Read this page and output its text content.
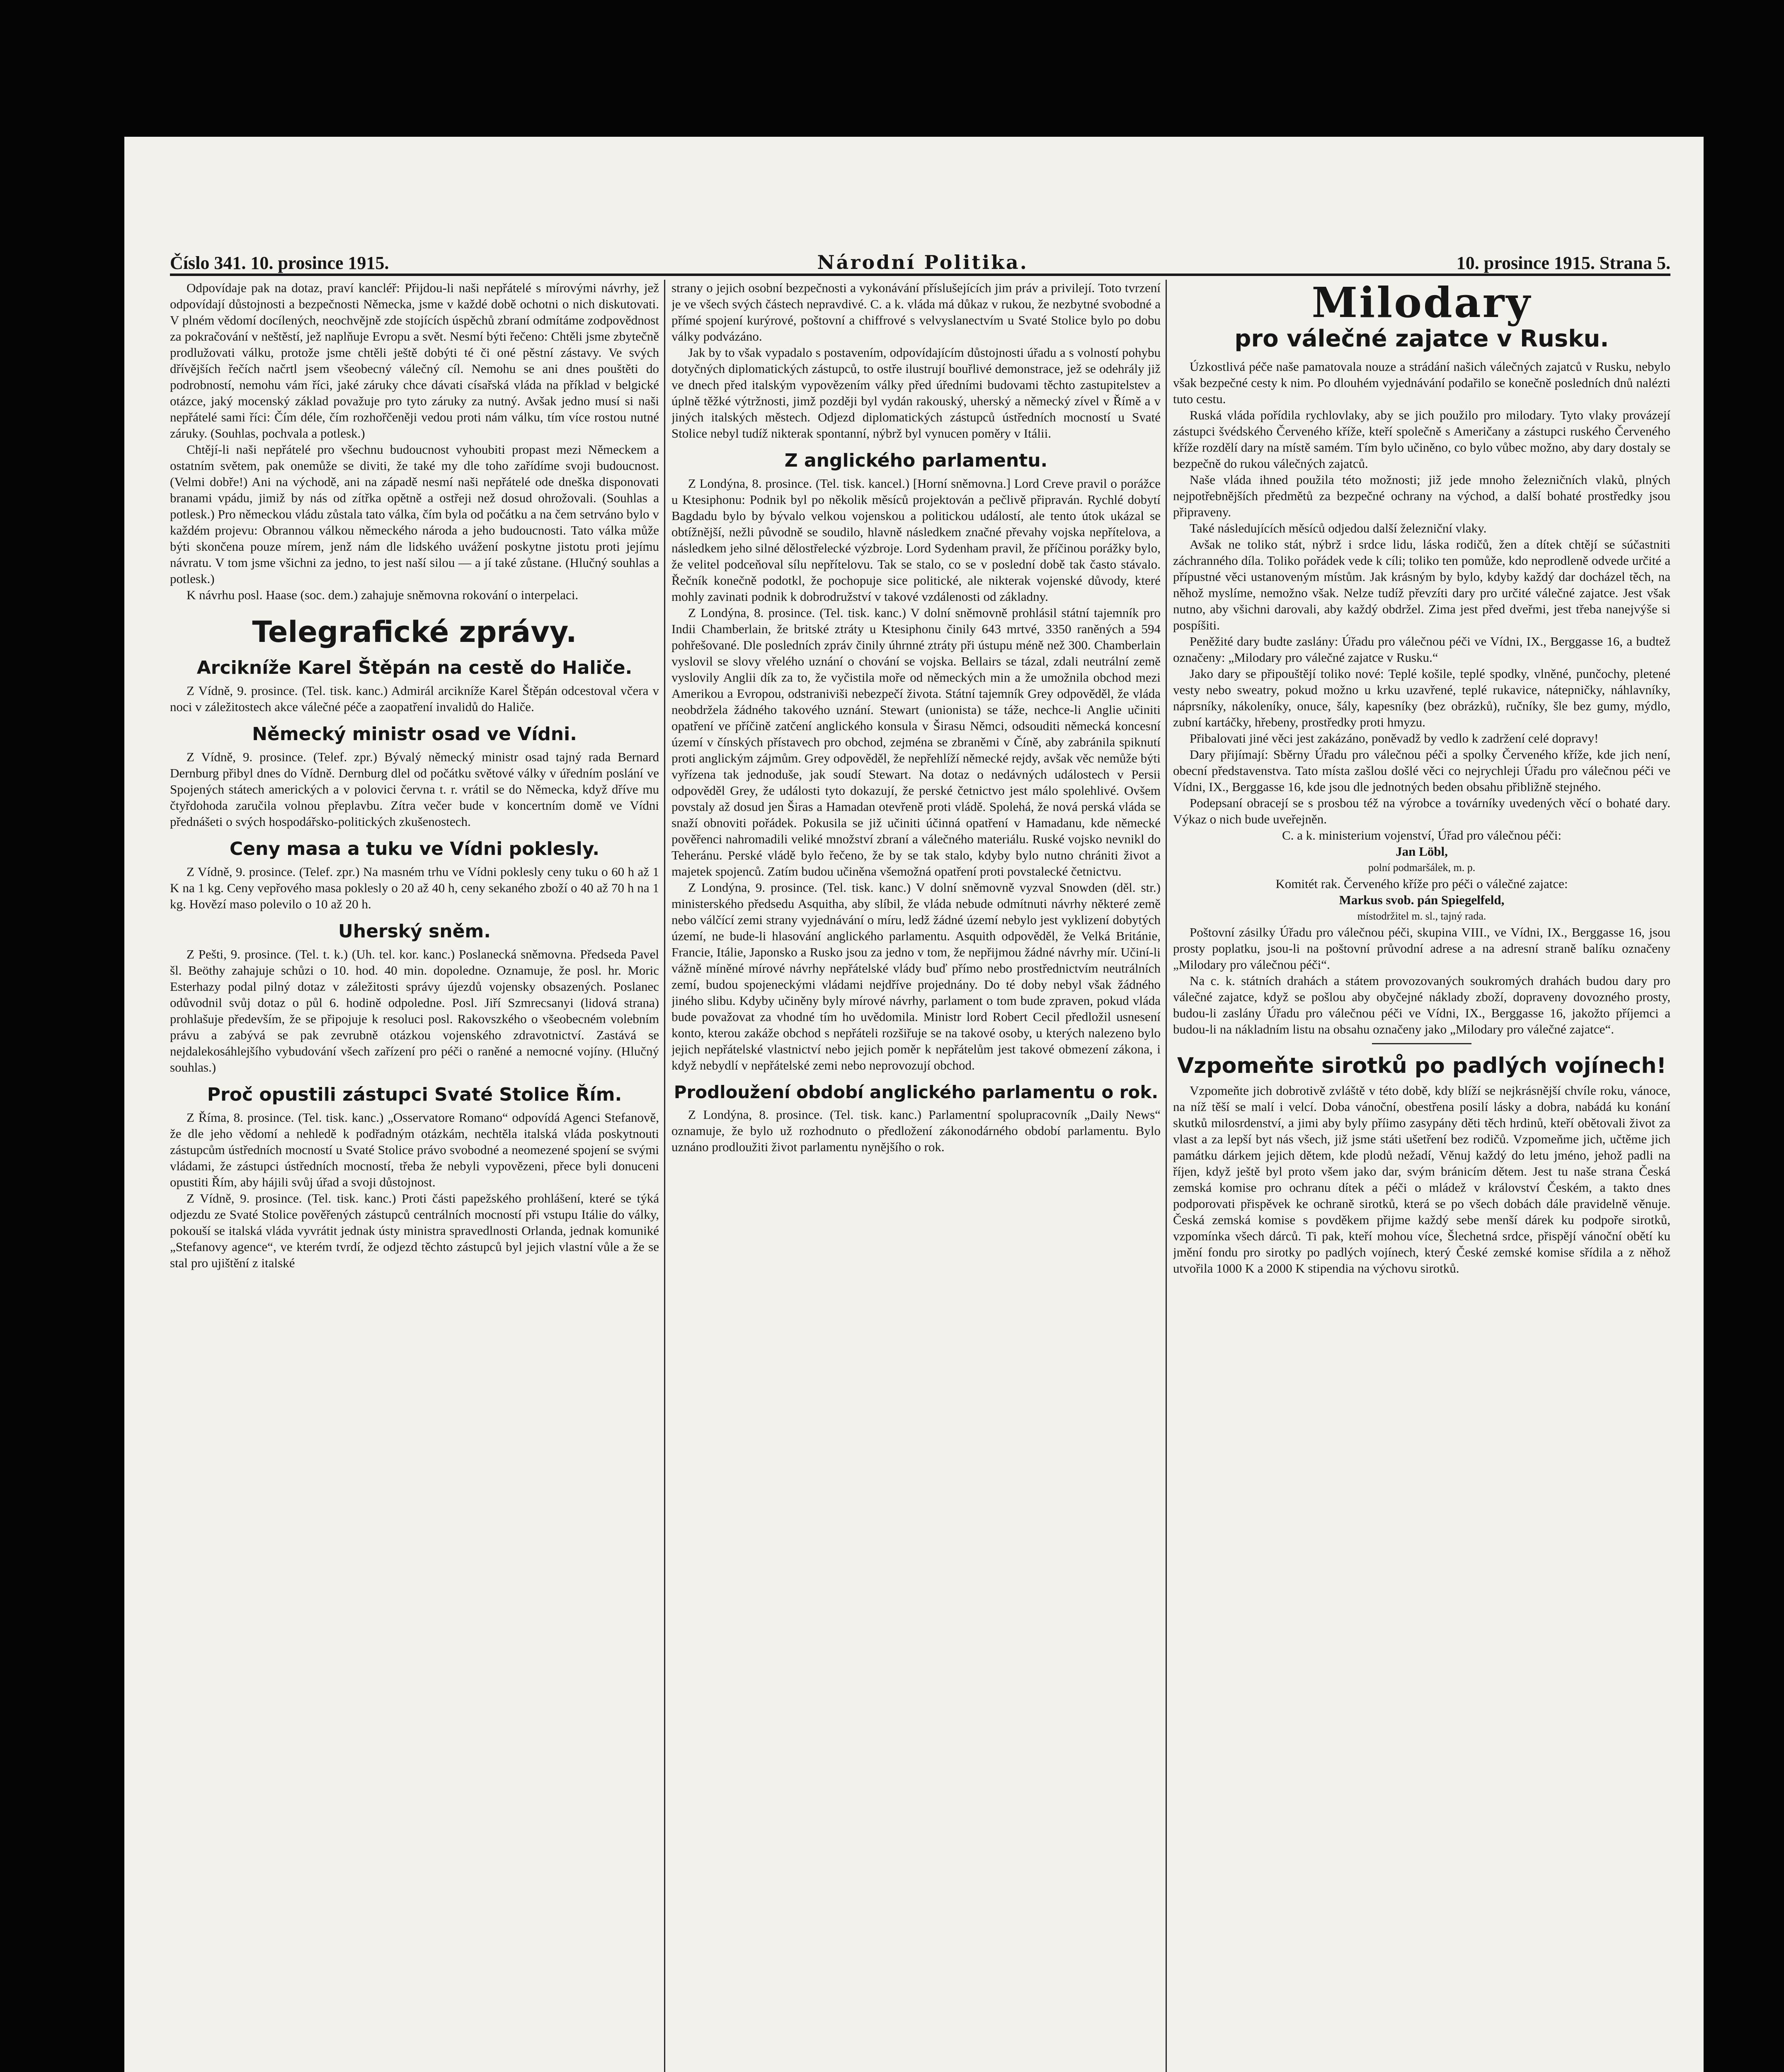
Číslo 341. 10. prosince 1915.	Národní Politika.	10. prosince 1915. Strana 5.

Odpovídaje pak na dotaz, praví kancléř: Přijdou-li naši nepřátelé s mírovými návrhy, jež odpovídají důstojnosti a bezpečnosti Německa, jsme v každé době ochotni o nich diskutovati. V plném vědomí docílených, neochvějně zde stojících úspěchů zbraní odmítáme zodpovědnost za pokračování v neštěstí, jež naplňuje Evropu a svět. Nesmí býti řečeno: Chtěli jsme zbytečně prodlužovati válku, protože jsme chtěli ještě dobýti té či oné pěstní zástavy. Ve svých dřívějších řečích načrtl jsem všeobecný válečný cíl. Nemohu se ani dnes pouštěti do podrobností, nemohu vám říci, jaké záruky chce dávati císařská vláda na příklad v belgické otázce, jaký mocenský základ považuje pro tyto záruky za nutný. Avšak jedno musí si naši nepřátelé sami říci: Čím déle, čím rozhořčeněji vedou proti nám válku, tím více rostou nutné záruky. (Souhlas, pochvala a potlesk.)

Chtějí-li naši nepřátelé pro všechnu budoucnost vyhoubiti propast mezi Německem a ostatním světem, pak onemůže se diviti, že také my dle toho zařídíme svoji budoucnost. (Velmi dobře!) Ani na východě, ani na západě nesmí naši nepřátelé ode dneška disponovati branami vpádu, jimiž by nás od zítřka opětně a ostřeji než dosud ohrožovali. (Souhlas a potlesk.) Pro německou vládu zůstala tato válka, čím byla od počátku a na čem setrváno bylo v každém projevu: Obrannou válkou německého národa a jeho budoucnosti. Tato válka může býti skončena pouze mírem, jenž nám dle lidského uvážení poskytne jistotu proti jejímu návratu. V tom jsme všichni za jedno, to jest naší silou — a jí také zůstane. (Hlučný souhlas a potlesk.)

K návrhu posl. Haase (soc. dem.) zahajuje sněmovna rokování o interpelaci.

Telegrafické zprávy.
Arcikníže Karel Štěpán na cestě do Haliče.

Z Vídně, 9. prosince. (Tel. tisk. kanc.) Admirál arcikníže Karel Štěpán odcestoval včera v noci v záležitostech akce válečné péče a zaopatření invalidů do Haliče.

Německý ministr osad ve Vídni.

Z Vídně, 9. prosince. (Telef. zpr.) Bývalý německý ministr osad tajný rada Bernard Dernburg přibyl dnes do Vídně. Dernburg dlel od počátku světové války v úředním poslání ve Spojených státech amerických a v polovici června t. r. vrátil se do Německa, když dříve mu čtyřdohoda zaručila volnou přeplavbu. Zítra večer bude v koncertním domě ve Vídni přednášeti o svých hospodářsko-politických zkušenostech.

Ceny masa a tuku ve Vídni poklesly.

Z Vídně, 9. prosince. (Telef. zpr.) Na masném trhu ve Vídni poklesly ceny tuku o 60 h až 1 K na 1 kg. Ceny vepřového masa poklesly o 20 až 40 h, ceny sekaného zboží o 40 až 70 h na 1 kg. Hovězí maso polevilo o 10 až 20 h.

Uherský sněm.

Z Pešti, 9. prosince. (Tel. t. k.) (Uh. tel. kor. kanc.) Poslanecká sněmovna. Předseda Pavel šl. Beöthy zahajuje schůzi o 10. hod. 40 min. dopoledne. Oznamuje, že posl. hr. Moric Esterhazy podal pilný dotaz v záležitosti správy újezdů vojensky obsazených. Poslanec odůvodnil svůj dotaz o půl 6. hodině odpoledne. Posl. Jiří Szmrecsanyi (lidová strana) prohlašuje především, že se připojuje k resoluci posl. Rakovszkého o všeobecném volebním právu a zabývá se pak zevrubně otázkou vojenského zdravotnictví. Zastává se nejdalekosáhlejšího vybudování všech zařízení pro péči o raněné a nemocné vojíny. (Hlučný souhlas.)

Proč opustili zástupci Svaté Stolice Řím.

Z Říma, 8. prosince. (Tel. tisk. kanc.) „Osservatore Romano“ odpovídá Agenci Stefanově, že dle jeho vědomí a nehledě k podřadným otázkám, nechtěla italská vláda poskytnouti zástupcům ústředních mocností u Svaté Stolice právo svobodné a neomezené spojení se svými vládami, že zástupci ústředních mocností, třeba že nebyli vypovězeni, přece byli donuceni opustiti Řím, aby hájili svůj úřad a svoji důstojnost.

Z Vídně, 9. prosince. (Tel. tisk. kanc.) Proti části papežského prohlášení, které se týká odjezdu ze Svaté Stolice pověřených zástupců centrálních mocností při vstupu Itálie do války, pokouší se italská vláda vyvrátit jednak ústy ministra spravedlnosti Orlanda, jednak komuniké „Stefanovy agence“, ve kterém tvrdí, že odjezd těchto zástupců byl jejich vlastní vůle a že se stal pro ujištění z italské

strany o jejich osobní bezpečnosti a vykonávání příslušejících jim práv a privilejí. Toto tvrzení je ve všech svých částech nepravdivé. C. a k. vláda má důkaz v rukou, že nezbytné svobodné a přímé spojení kurýrové, poštovní a chiffrové s velvyslanectvím u Svaté Stolice bylo po dobu války podvázáno.

Jak by to však vypadalo s postavením, odpovídajícím důstojnosti úřadu a s volností pohybu dotyčných diplomatických zástupců, to ostře ilustrují bouřlivé demonstrace, jež se odehrály již ve dnech před italským vypovězením války před úředními budovami těchto zastupitelstev a úplně těžké výtržnosti, jimž později byl vydán rakouský, uherský a německý zível v Římě a v jiných italských městech. Odjezd diplomatických zástupců ústředních mocností u Svaté Stolice nebyl tudíž nikterak spontanní, nýbrž byl vynucen poměry v Itálii.

Z anglického parlamentu.

Z Londýna, 8. prosince. (Tel. tisk. kancel.) [Horní sněmovna.] Lord Creve pravil o porážce u Ktesiphonu: Podnik byl po několik měsíců projektován a pečlivě připraván. Rychlé dobytí Bagdadu bylo by bývalo velkou vojenskou a politickou událostí, ale tento útok ukázal se obtížnější, nežli původně se soudilo, hlavně následkem značné převahy vojska nepřítelova, a následkem jeho silné dělostřelecké výzbroje. Lord Sydenham pravil, že příčinou porážky bylo, že velitel podceňoval sílu nepřítelovu. Tak se stalo, co se v poslední době tak často stávalo. Řečník konečně podotkl, že pochopuje sice politické, ale nikterak vojenské důvody, které mohly zavinati podnik k dobrodružství v takové vzdálenosti od základny.

Z Londýna, 8. prosince. (Tel. tisk. kanc.) V dolní sněmovně prohlásil státní tajemník pro Indii Chamberlain, že britské ztráty u Ktesiphonu činily 643 mrtvé, 3350 raněných a 594 pohřešované. Dle posledních zpráv činily úhrnné ztráty při ústupu méně než 300. Chamberlain vyslovil se slovy vřelého uznání o chování se vojska. Bellairs se tázal, zdali neutrální země vyslovily Anglii dík za to, že vyčistila moře od německých min a že umožnila obchod mezi Amerikou a Evropou, odstraniviši nebezpečí života. Státní tajemník Grey odpověděl, že vláda neobdržela žádného takového uznání. Stewart (unionista) se táže, nechce-li Anglie učiniti opatření ve příčině zatčení anglického konsula v Širasu Němci, odsouditi německá koncesní území v čínských přístavech pro obchod, zejména se zbraněmi v Číně, aby zabránila spiknutí proti anglickým zájmům. Grey odpověděl, že nepřehlíží německé rejdy, avšak věc nemůže býti vyřízena tak jednoduše, jak soudí Stewart. Na dotaz o nedávných událostech v Persii odpověděl Grey, že události tyto dokazují, že perské četnictvo jest málo spolehlivé. Ovšem povstaly až dosud jen Širas a Hamadan otevřeně proti vládě. Spolehá, že nová perská vláda se snaží obnoviti pořádek. Pokusila se již učiniti účinná opatření v Hamadanu, kde německé pověřenci nahromadili veliké množství zbraní a válečného materiálu. Ruské vojsko nevnikl do Teheránu. Perské vládě bylo řečeno, že by se tak stalo, kdyby bylo nutno chrániti život a majetek spojenců. Zatím budou učiněna všemožná opatření proti povstalecké četnictvu.

Z Londýna, 9. prosince. (Tel. tisk. kanc.) V dolní sněmovně vyzval Snowden (děl. str.) ministerského předsedu Asquitha, aby slíbil, že vláda nebude odmítnuti návrhy některé země nebo válčící zemi strany vyjednávání o míru, ledž žádné území nebylo jest vyklizení dobytých území, ne bude-li hlasování anglického parlamentu. Asquith odpověděl, že Velká Británie, Francie, Itálie, Japonsko a Rusko jsou za jedno v tom, že nepřijmou žádné návrhy mír. Učiní-li vážně míněné mírové návrhy nepřátelské vlády buď přímo nebo prostřednictvím neutrálních zemí, budou spojeneckými vládami nejdříve projednány. Do té doby nebyl však žádného jiného slibu. Kdyby učiněny byly mírové návrhy, parlament o tom bude zpraven, pokud vláda bude považovat za vhodné tím ho uvědomila. Ministr lord Robert Cecil předložil usnesení konto, kterou zakáže obchod s nepřáteli rozšiřuje se na takové osoby, u kterých nalezeno bylo jejich nepřátelské vlastnictví nebo jejich poměr k nepřátelům jest takové obmezení zákona, i když nebydlí v nepřátelské zemi nebo neprovozují obchod.

Prodloužení období anglického parlamentu o rok.

Z Londýna, 8. prosince. (Tel. tisk. kanc.) Parlamentní spolupracovník „Daily News“ oznamuje, že bylo už rozhodnuto o předložení zákonodárného období parlamentu. Bylo uznáno prodloužiti život parlamentu nynějšího o rok.

Milodary
pro válečné zajatce v Rusku.

Úzkostlivá péče naše pamatovala nouze a strádání našich válečných zajatců v Rusku, nebylo však bezpečné cesty k nim. Po dlouhém vyjednávání podařilo se konečně posledních dnů nalézti tuto cestu.

Ruská vláda pořídila rychlovlaky, aby se jich použilo pro milodary. Tyto vlaky provázejí zástupci švédského Červeného kříže, kteří společně s Američany a zástupci ruského Červeného kříže rozdělí dary na místě samém. Tím bylo učiněno, co bylo vůbec možno, aby dary dostaly se bezpečně do rukou válečných zajatců.

Naše vláda ihned použila této možnosti; již jede mnoho železničních vlaků, plných nejpotřebnějších předmětů za bezpečné ochrany na východ, a další bohaté prostředky jsou připraveny.

Také následujících měsíců odjedou další železniční vlaky.

Avšak ne toliko stát, nýbrž i srdce lidu, láska rodičů, žen a dítek chtějí se súčastniti záchranného díla. Toliko pořádek vede k cíli; toliko ten pomůže, kdo neprodleně odvede určité a přípustné věci ustanoveným místům. Jak krásným by bylo, kdyby každý dar docházel těch, na něhož myslíme, nemožno však. Nelze tudíž převzíti dary pro určité válečné zajatce. Jest však nutno, aby všichni darovali, aby každý obdržel. Zima jest před dveřmi, jest třeba nanejvýše si pospíšiti.

Peněžité dary budte zaslány: Úřadu pro válečnou péči ve Vídni, IX., Berggasse 16, a budtež označeny: „Milodary pro válečné zajatce v Rusku.“

Jako dary se připouštějí toliko nové: Teplé košile, teplé spodky, vlněné, punčochy, pletené vesty nebo sweatry, pokud možno u krku uzavřené, teplé rukavice, nátepničky, náhlavníky, náprsníky, nákoleníky, onuce, šály, kapesníky (bez obrázků), ručníky, šle bez gumy, mýdlo, zubní kartáčky, hřebeny, prostředky proti hmyzu.

Přibalovati jiné věci jest zakázáno, poněvadž by vedlo k zadržení celé dopravy!

Dary přijímají: Sběrny Úřadu pro válečnou péči a spolky Červeného kříže, kde jich není, obecní představenstva. Tato místa zašlou došlé věci co nejrychleji Úřadu pro válečnou péči ve Vídni, IX., Berggasse 16, kde jsou dle jednotných beden obsahu přibližně stejného.

Podepsaní obracejí se s prosbou též na výrobce a továrníky uvedených věcí o bohaté dary. Výkaz o nich bude uveřejněn.

C. a k. ministerium vojenství, Úřad pro válečnou péči:

Jan Löbl,

polní podmaršálek, m. p.

Komitét rak. Červeného kříže pro péči o válečné zajatce:

Markus svob. pán Spiegelfeld,

místodržitel m. sl., tajný rada.

Poštovní zásilky Úřadu pro válečnou péči, skupina VIII., ve Vídni, IX., Berggasse 16, jsou prosty poplatku, jsou-li na poštovní průvodní adrese a na adresní straně balíku označeny „Milodary pro válečnou péči“.

Na c. k. státních drahách a státem provozovaných soukromých drahách budou dary pro válečné zajatce, když se pošlou aby obyčejné náklady zboží, dopraveny dovozného prosty, budou-li zaslány Úřadu pro válečnou péči ve Vídni, IX., Berggasse 16, jakožto příjemci a budou-li na nákladním listu na obsahu označeny jako „Milodary pro válečné zajatce“.

Vzpomeňte sirotků po padlých vojínech!

Vzpomeňte jich dobrotivě zvláště v této době, kdy blíží se nejkrásnější chvíle roku, vánoce, na níž těší se malí i velcí. Doba vánoční, obestřena posilí lásky a dobra, nabádá ku konání skutků milosrdenství, a jimi aby byly příimo zasypány děti těch hrdinů, kteří obětovali život za vlast a za lepší byt nás všech, již jsme státi ušetření bez rodičů. Vzpomeňme jich, učtěme jich památku dárkem jejich dětem, kde plodů nežadí, Věnuj každý do letu jméno, jehož padli na říjen, když ještě byl proto všem jako dar, svým bránicím dětem. Jest tu naše strana Česká zemská komise pro ochranu dítek a péči o mládež v království Českém, a takto dnes podporovati přispěvek ke ochraně sirotků, která se po všech dobách dále pravidelně věnuje. Česká zemská komise s povděkem přijme každý sebe menší dárek ku podpoře sirotků, vzpomínka všech dárců. Ti pak, kteří mohou více, Šlechetná srdce, přispějí vánoční obětí ku jmění fondu pro sirotky po padlých vojínech, který České zemské komise sřídila a z něhož utvořila 1000 K a 2000 K stipendia na výchovu sirotků.
